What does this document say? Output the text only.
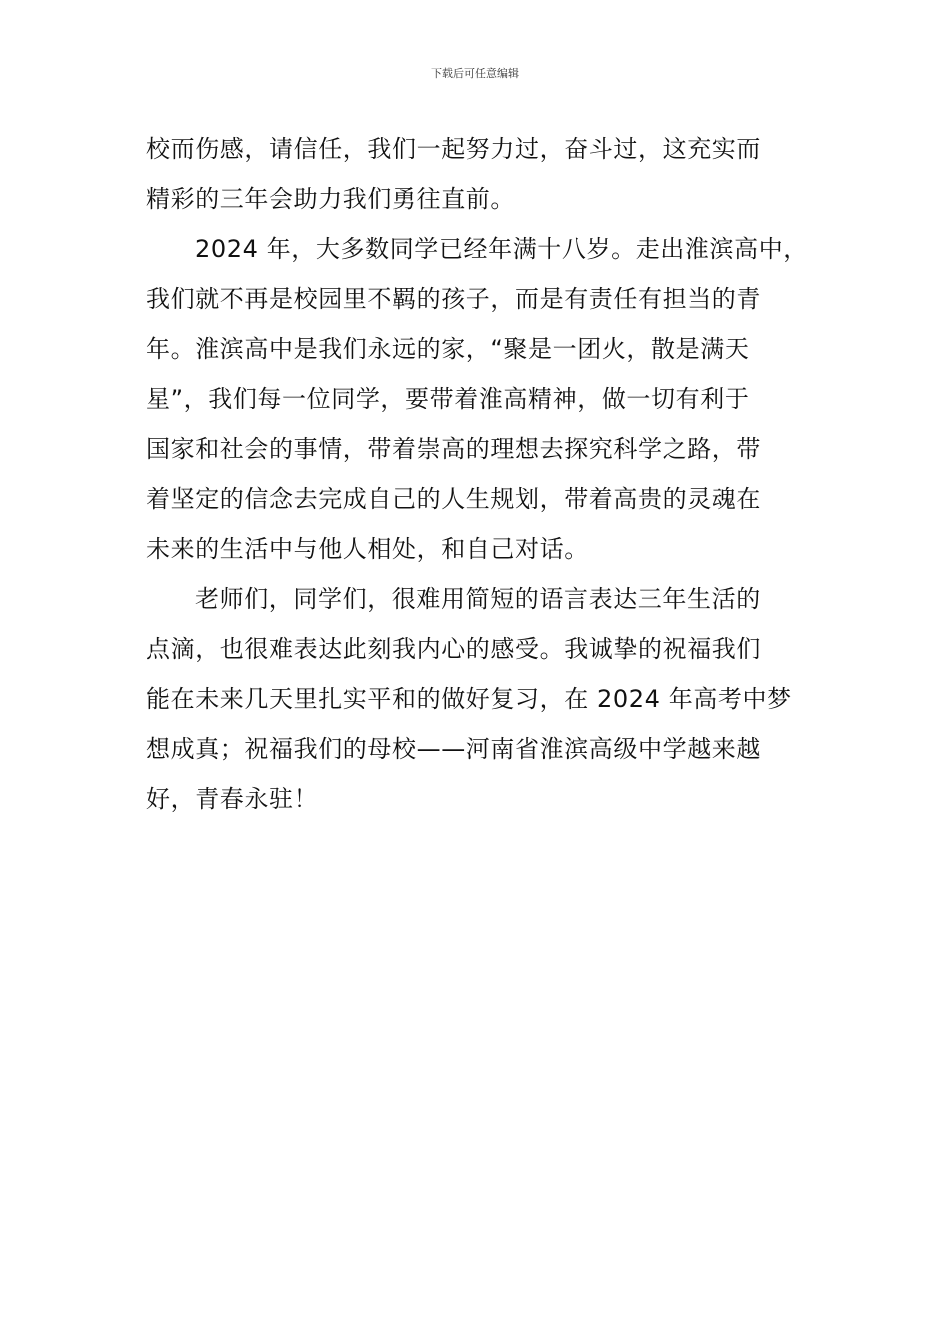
下载后可任意编辑
校而伤感，请信任，我们一起努力过，奋斗过，这充实而
精彩的三年会助力我们勇往直前。
2024 年，大多数同学已经年满十八岁。走出淮滨高中，
我们就不再是校园里不羁的孩子，而是有责任有担当的青
年。淮滨高中是我们永远的家，“聚是一团火，散是满天
星”，我们每一位同学，要带着淮高精神，做一切有利于
国家和社会的事情，带着崇高的理想去探究科学之路，带
着坚定的信念去完成自己的人生规划，带着高贵的灵魂在
未来的生活中与他人相处，和自己对话。
老师们，同学们，很难用简短的语言表达三年生活的
点滴，也很难表达此刻我内心的感受。我诚挚的祝福我们
能在未来几天里扎实平和的做好复习，在 2024 年高考中梦
想成真；祝福我们的母校——河南省淮滨高级中学越来越
好，青春永驻！
